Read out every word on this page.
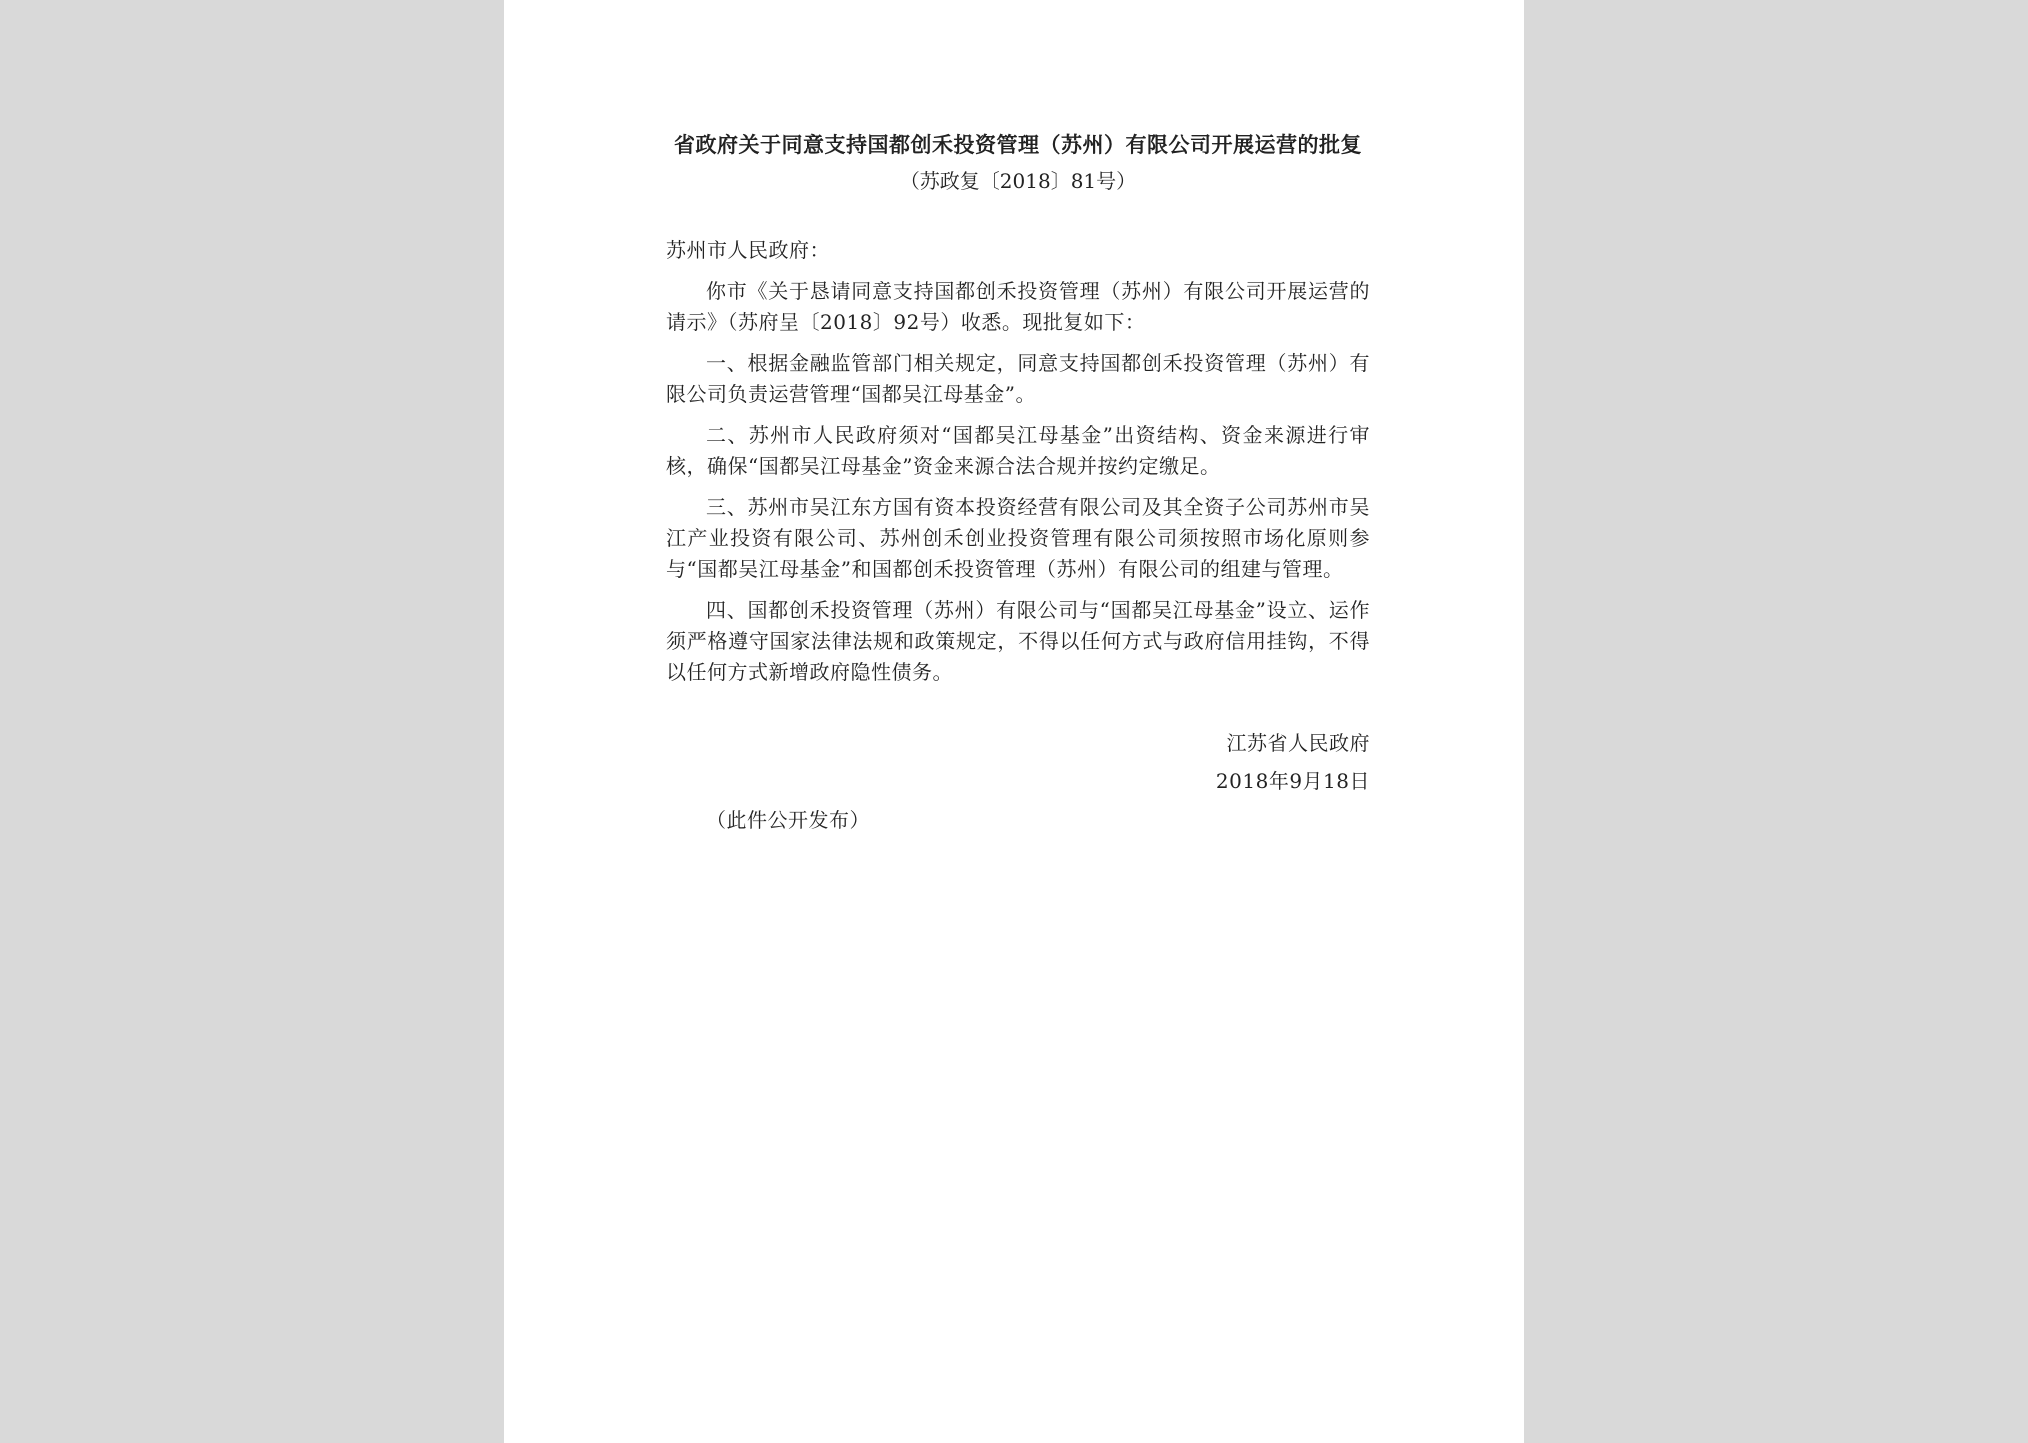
省政府关于同意支持国都创禾投资管理（苏州）有限公司开展运营的批复

（苏政复〔2018〕81号）

苏州市人民政府：

你市《关于恳请同意支持国都创禾投资管理（苏州）有限公司开展运营的请示》（苏府呈〔2018〕92号）收悉。现批复如下：

一、根据金融监管部门相关规定，同意支持国都创禾投资管理（苏州）有限公司负责运营管理“国都吴江母基金”。

二、苏州市人民政府须对“国都吴江母基金”出资结构、资金来源进行审核，确保“国都吴江母基金”资金来源合法合规并按约定缴足。

三、苏州市吴江东方国有资本投资经营有限公司及其全资子公司苏州市吴江产业投资有限公司、苏州创禾创业投资管理有限公司须按照市场化原则参与“国都吴江母基金”和国都创禾投资管理（苏州）有限公司的组建与管理。

四、国都创禾投资管理（苏州）有限公司与“国都吴江母基金”设立、运作须严格遵守国家法律法规和政策规定，不得以任何方式与政府信用挂钩，不得以任何方式新增政府隐性债务。

江苏省人民政府
2018年9月18日

（此件公开发布）
